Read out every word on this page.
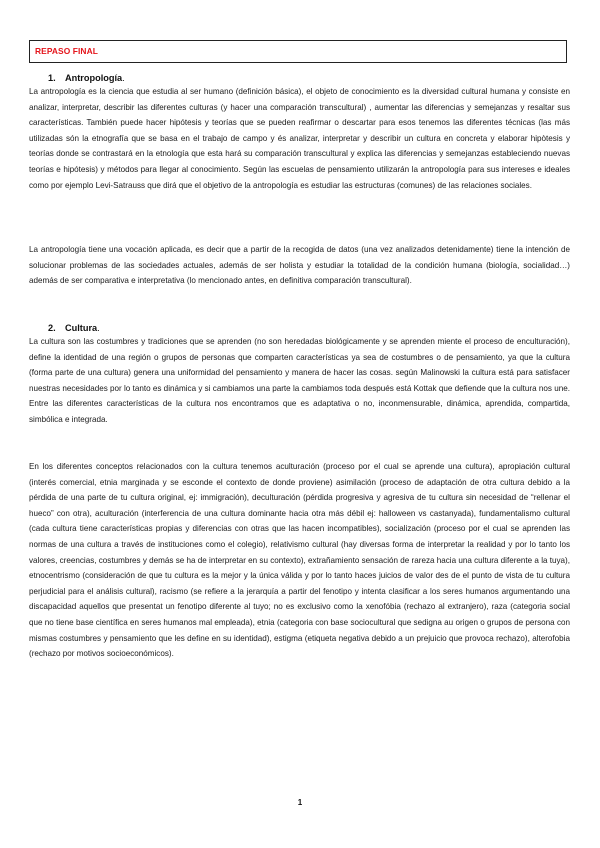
REPASO FINAL
1. Antropología.

La antropología es la ciencia que estudia al ser humano (definición básica), el objeto de conocimiento es la diversidad cultural humana y consiste en analizar, interpretar, describir las diferentes culturas (y hacer una comparación transcultural) , aumentar las diferencias y semejanzas y resaltar sus características. También puede hacer hipótesis y teorías que se pueden reafirmar o descartar para esos tenemos las diferentes técnicas (las más utilizadas són la etnografía que se basa en el trabajo de campo y és analizar, interpretar y describir un cultura en concreta y elaborar hipòtesis y teorías donde se contrastará en la etnología que esta hará su comparación transcultural y explica las diferencias y semejanzas estableciendo nuevas teorías e hipótesis) y métodos para llegar al conocimiento. Según las escuelas de pensamiento utilizarán la antropología para sus intereses e ideales como por ejemplo Levi-Satrauss que dirá que el objetivo de la antropología es estudiar las estructuras (comunes) de las relaciones sociales.

La antropología tiene una vocación aplicada, es decir que a partir de la recogida de datos (una vez analizados detenidamente) tiene la intención de solucionar problemas de las sociedades actuales, además de ser holista y estudiar la totalidad de la condición humana (biología, socialidad…) además de ser comparativa e interpretativa (lo mencionado antes, en definitiva comparación transcultural).

2. Cultura.

La cultura son las costumbres y tradiciones que se aprenden (no son heredadas biológicamente y se aprenden miente el proceso de enculturación), define la identidad de una región o grupos de personas que comparten características ya sea de costumbres o de pensamiento, ya que la cultura (forma parte de una cultura) genera una uniformidad del pensamiento y manera de hacer las cosas. según Malinowski la cultura está para satisfacer nuestras necesidades por lo tanto es dinámica y si cambiamos una parte la cambiamos toda después está Kottak que defiende que la cultura nos une. Entre las diferentes características de la cultura nos encontramos que es adaptativa o no, inconmensurable, dinámica, aprendida, compartida, simbólica e integrada.

En los diferentes conceptos relacionados con la cultura tenemos aculturación (proceso por el cual se aprende una cultura), apropiación cultural (interés comercial, etnia marginada y se esconde el contexto de donde proviene) asimilación (proceso de adaptación de otra cultura debido a la pérdida de una parte de tu cultura original, ej: immigración), deculturación (pérdida progresiva y agresiva de tu cultura sin necesidad de “rellenar el hueco” con otra), aculturación (interferencia de una cultura dominante hacia otra más débil ej: halloween vs castanyada), fundamentalismo cultural (cada cultura tiene características propias y diferencias con otras que las hacen incompatibles), socialización (proceso por el cual se aprenden las normas de una cultura a través de instituciones como el colegio), relativismo cultural (hay diversas forma de interpretar la realidad y por lo tanto los valores, creencias, costumbres y demás se ha de interpretar en su contexto), extrañamiento sensación de rareza hacia una cultura diferente a la tuya), etnocentrismo (consideración de que tu cultura es la mejor y la única válida y por lo tanto haces juicios de valor des de el punto de vista de tu cultura perjudicial para el análisis cultural), racismo (se refiere a la jerarquía a partir del fenotipo y intenta clasificar a los seres humanos argumentando una discapacidad aquellos que presentat un fenotipo diferente al tuyo; no es exclusivo como la xenofóbia (rechazo al extranjero), raza (categoria social que no tiene base científica en seres humanos mal empleada), etnia (categoria con base sociocultural que sedigna au origen o grupos de persona con mismas costumbres y pensamiento que les define en su identidad), estigma (etiqueta negativa debido a un prejuicio que provoca rechazo), alterofobia (rechazo por motivos socioeconómicos).

1
